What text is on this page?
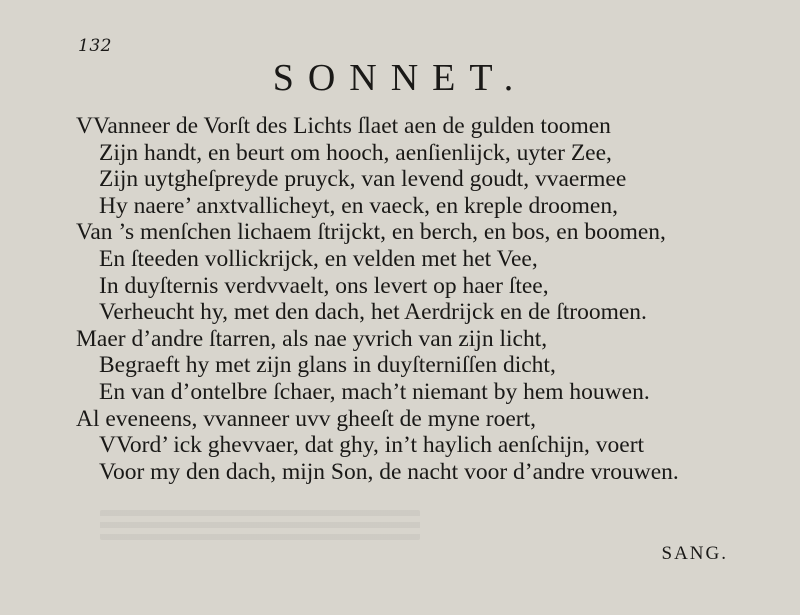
132
SONNET.
VVanneer de Vorſt des Lichts ſlaet aen de gulden toomen
Zijn handt, en beurt om hooch, aenſienlijck, uyter Zee,
Zijn uytgheſpreyde pruyck, van levend goudt, vvaermee
Hy naere’ anxtvallicheyt, en vaeck, en kreple droomen,
Van ’s menſchen lichaem ſtrijckt, en berch, en bos, en boomen,
En ſteeden vollickrijck, en velden met het Vee,
In duyſternis verdvvaelt, ons levert op haer ſtee,
Verheucht hy, met den dach, het Aerdrijck en de ſtroomen.
Maer d’andre ſtarren, als nae yvrich van zijn licht,
Begraeft hy met zijn glans in duyſterniſſen dicht,
En van d’ontelbre ſchaer, mach’t niemant by hem houwen.
Al eveneens, vvanneer uvv gheeſt de myne roert,
VVord’ ick ghevvaer, dat ghy, in’t haylich aenſchijn, voert
Voor my den dach, mijn Son, de nacht voor d’andre vrouwen.
SANG.
